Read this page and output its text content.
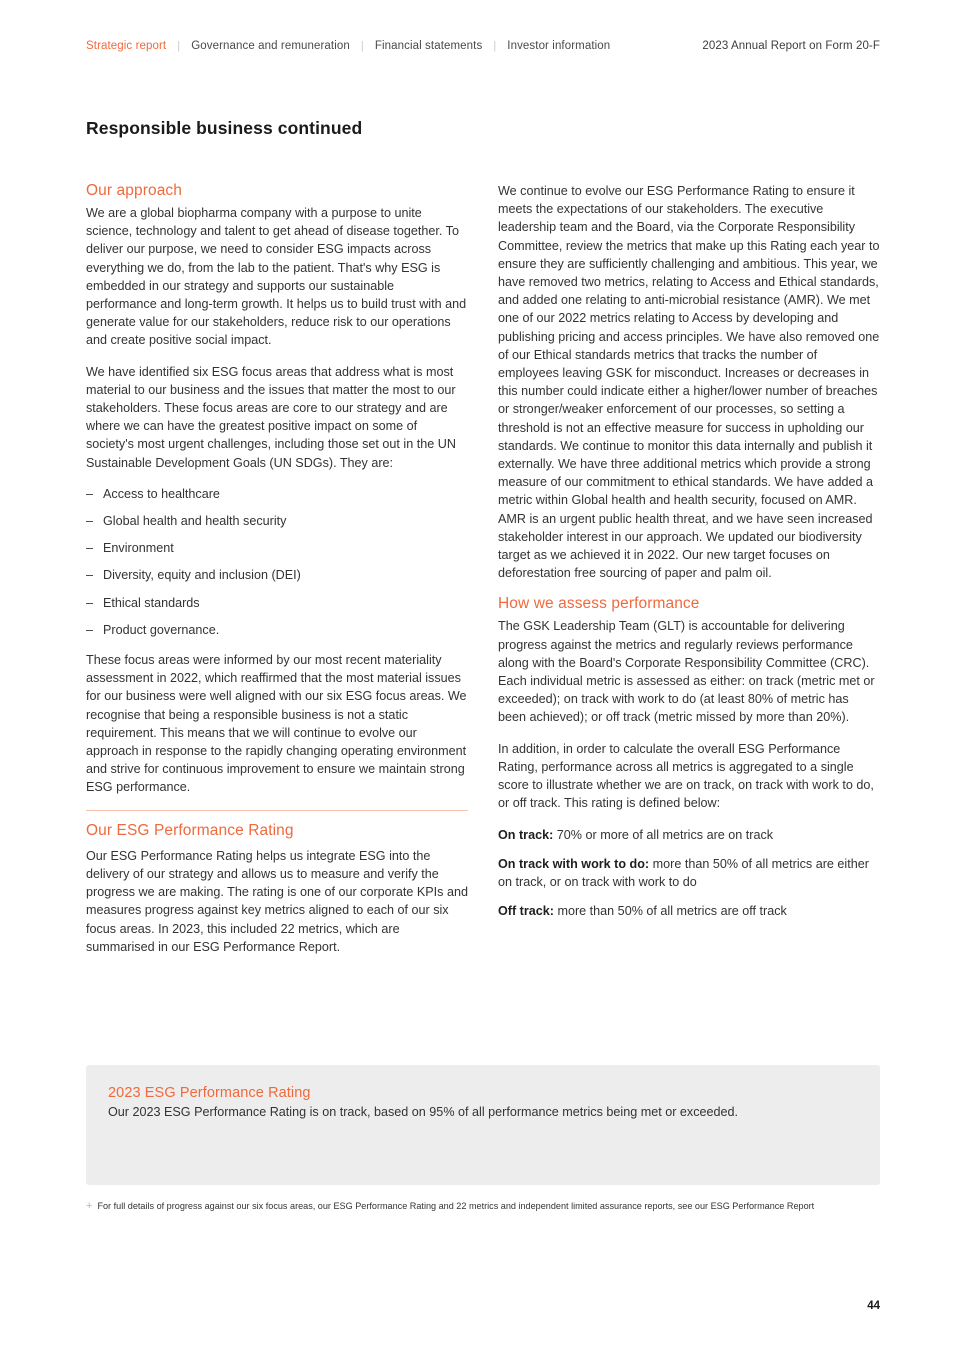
Strategic report	| Governance and remuneration	| Financial statements	| Investor information	2023 Annual Report on Form 20-F
Responsible business continued
Our approach

We are a global biopharma company with a purpose to unite science, technology and talent to get ahead of disease together. To deliver our purpose, we need to consider ESG impacts across everything we do, from the lab to the patient. That's why ESG is embedded in our strategy and supports our sustainable performance and long-term growth. It helps us to build trust with and generate value for our stakeholders, reduce risk to our operations and create positive social impact.

We have identified six ESG focus areas that address what is most material to our business and the issues that matter the most to our stakeholders. These focus areas are core to our strategy and are where we can have the greatest positive impact on some of society's most urgent challenges, including those set out in the UN Sustainable Development Goals (UN SDGs). They are:

– Access to healthcare
– Global health and health security
– Environment
– Diversity, equity and inclusion (DEI)
– Ethical standards
– Product governance.

These focus areas were informed by our most recent materiality assessment in 2022, which reaffirmed that the most material issues for our business were well aligned with our six ESG focus areas. We recognise that being a responsible business is not a static requirement. This means that we will continue to evolve our approach in response to the rapidly changing operating environment and strive for continuous improvement to ensure we maintain strong ESG performance.

Our ESG Performance Rating

Our ESG Performance Rating helps us integrate ESG into the delivery of our strategy and allows us to measure and verify the progress we are making. The rating is one of our corporate KPIs and measures progress against key metrics aligned to each of our six focus areas. In 2023, this included 22 metrics, which are summarised in our ESG Performance Report.

We continue to evolve our ESG Performance Rating to ensure it meets the expectations of our stakeholders. The executive leadership team and the Board, via the Corporate Responsibility Committee, review the metrics that make up this Rating each year to ensure they are sufficiently challenging and ambitious. This year, we have removed two metrics, relating to Access and Ethical standards, and added one relating to anti-microbial resistance (AMR). We met one of our 2022 metrics relating to Access by developing and publishing pricing and access principles. We have also removed one of our Ethical standards metrics that tracks the number of employees leaving GSK for misconduct. Increases or decreases in this number could indicate either a higher/lower number of breaches or stronger/weaker enforcement of our processes, so setting a threshold is not an effective measure for success in upholding our standards. We continue to monitor this data internally and publish it externally. We have three additional metrics which provide a strong measure of our commitment to ethical standards. We have added a metric within Global health and health security, focused on AMR. AMR is an urgent public health threat, and we have seen increased stakeholder interest in our approach. We updated our biodiversity target as we achieved it in 2022. Our new target focuses on deforestation free sourcing of paper and palm oil.

How we assess performance

The GSK Leadership Team (GLT) is accountable for delivering progress against the metrics and regularly reviews performance along with the Board's Corporate Responsibility Committee (CRC). Each individual metric is assessed as either: on track (metric met or exceeded); on track with work to do (at least 80% of metric has been achieved); or off track (metric missed by more than 20%).

In addition, in order to calculate the overall ESG Performance Rating, performance across all metrics is aggregated to a single score to illustrate whether we are on track, on track with work to do, or off track. This rating is defined below:

On track: 70% or more of all metrics are on track

On track with work to do: more than 50% of all metrics are either on track, or on track with work to do

Off track: more than 50% of all metrics are off track

2023 ESG Performance Rating

Our 2023 ESG Performance Rating is on track, based on 95% of all performance metrics being met or exceeded.

+ For full details of progress against our six focus areas, our ESG Performance Rating and 22 metrics and independent limited assurance reports, see our ESG Performance Report
44
